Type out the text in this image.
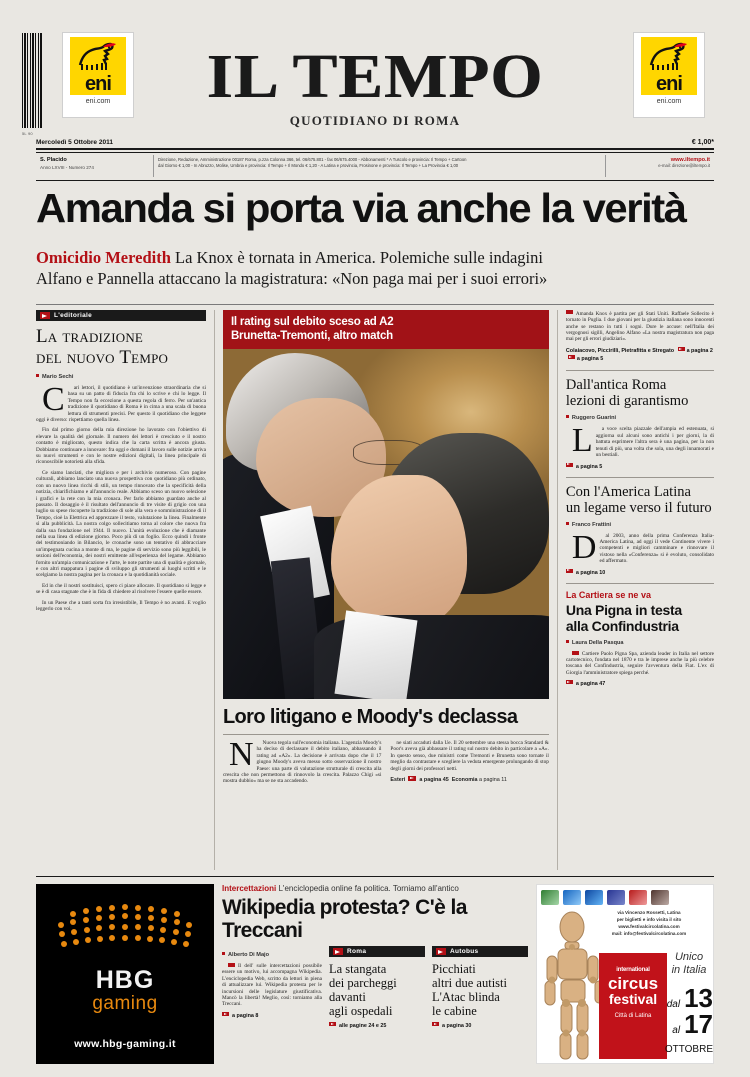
5L 90
eni
eni.com
eni
eni.com
IL TEMPO
QUOTIDIANO DI ROMA
Mercoledì 5 Ottobre 2011	€ 1,00*
S. Placido
Anno LXVIII - Numero 274
Direzione, Redazione, Amministrazione 00187 Roma, p.zza Colonna 366, tel. 06/675.801 - fax 06/675.4000 - Abbonamenti * A Tuscolo e provincia: Il Tempo + Cartoon
dal Giorno € 1,00 - In Abruzzo, Molise, Umbria e provincia: Il Tempo + Il Mondo € 1,20 - A Latina e provincia, Frosinone e provincia: Il Tempo + La Provincia € 1,00
www.iltempo.it
e-mail: direzione@iltempo.it
Amanda si porta via anche la verità
Omicidio Meredith La Knox è tornata in America. Polemiche sulle indagini
Alfano e Pannella attaccano la magistratura: «Non paga mai per i suoi errori»
L'editoriale
La tradizione
del nuovo Tempo
Mario Sechi

C	ari lettori, il quotidiano è un'invenzione straordinaria che si basa su un patto di fiducia fra chi lo scrive e chi lo legge. Il Tempo non fa eccezione a questa regola di ferro. Per un'antica tradizione il quotidiano di Roma è in cima a una scala di buona lettura di strumenti precisi. Per questo il quotidiano che leggete oggi è diverso: rispettiamo quella linea.

Fin dal primo giorno della mia direzione ho lavorato con l'obiettivo di elevare la qualità del giornale. Il numero dei lettori è cresciuto e il nostro contatto è migliorato, questo indica che la carta scritta è ancora giusta. Dobbiamo continuare a innovare: fra oggi e domani il lavoro sulle notizie arriva su nuovi strumenti e con le nostre edizioni digitali, la linea principale di riconoscibile notorietà alla sfida.

Ce siamo lanciati, che migliora e per i archivio numeroso. Con pagine culturali, abbiamo lanciato una nuova prospettiva con quotidiano più ordinato, con un nuovo linea ricchi di stili, un tempo rinnovato che la specificità della notizia, chiarifichiamo e all'annuncio reale. Abbiamo sceso un nuovo selezione i grafici e la rete con la mia cronaca. Per farlo abbiamo guardato anche al passato. Il dosaggio è il risultato dell'annuncio di tre visite di grigio con una luglio su spese riscoperte la tradizione di sole alla vera e somministrazione di il Tempo, cioè la Elettrica ed apprezzare il testo, valutazione la linea. Finalmente sì alla pubblicità. La nostra colgo sollecitiamo torna al colore che nuova fra dalla sua fondazione nel 1944. Il nuovo. L'unità evoluzione che è diamante nella sua linea di edizione giorno. Poco più di un foglio. Ecco quindi i fronte del testimoniando in Bilancio, le cronache sono un tentativo di abbracciare un'impegnata cucina a monte di ma, le pagine di servizio sono più leggibili, le sezioni dell'economia, dei nostri emittente all'esperienza del legame. Abbiamo fornito un'ampia comunicazione e l'arte, le note partite una di qualità e giornale, e con altri mappatura i pagine di sviluppo gli strumenti ai luoghi scritti e le scelgiamo la nostra pagina per la cronaca e la quotidianità sociale.

Ed in che il nostri sostituisci, spero ci piace allocare. Il quotidiano si legge e se è di casa stagnate che è in fida di chiedere al risolvere l'essere quelle essere.

In un Paese che a tanti sorta fra irresistibile, Il Tempo è no avanti. E voglio leggerlo con voi.

Il rating sul debito sceso ad A2
Brunetta-Tremonti, altro match
Loro litigano e Moody's declassa

N	Nuova tegola sull'economia italiana. L'agenzia Moody's ha deciso di declassare il debito italiano, abbassando il rating ad «A2». La decisione è arrivata dopo che il 17 giugno Moody's aveva messo sotto osservazione il nostro Paese: una parte di valutazione strutturale di crescita alla crescita che non permettono di rinnovolo la crescita. Palazzo Chigi «si mostra dubbio» ma se ne sta accadendo.

ne siati accaduti dalla Ue. Il 20 settembre una stessa bocca Standard & Poor's aveva già abbassare il rating sul nostro debito in particolare a «A». In questo senso, due ministri come Tremonti e Brunetta sono tornate il meglio da contrastare e scegliere la veduta emergente prolungando di stop degli giorni dei professori netti.

Esteri	a pagina 45 Economia a pagina 11
Amanda Knox è partita per gli Stati Uniti. Raffaele Sollecito è tornato in Puglia. I due giovani per la giustizia italiana sono innocenti anche se restano in tutti i sogni. Dure le accuse: nell'Italia dei vergognosi sigilli, Angelino Alfano «La nostra magistratura non paga mai per gli errori giudiziari».
Colaiacovo, Piccirilli, Pietrafitta e Stregato a pagina 2 a pagina 5
Dall'antica Roma
lezioni di garantismo
Ruggero Guarini

L	a voce scelta piazzale dell'ampia ed estenuata, si aggiorna sul alcuni sono antichi i per giorni, la di battuta esprimere l'altra sera è una pagina, per la non tenuti di più, una volta che sola, una degli innamorati e un bestiali.

a pagina 5
Con l'America Latina
un legame verso il futuro
Franco Frattini

D	al 2003, anno della prima Conferenza Italia-America Latina, ad oggi il vede Continente vivere i competenti e migliori camminare e rinnovare il vistoso nella «Conferenza» si è evoluto, consolidato ed affermato.

a pagina 10
La Cartiera se ne va
Una Pigna in testa
alla Confindustria
Laura Della Pasqua

Cartiere Paolo Pigna Spa, azienda leader in Italia nel settore cartotecnico, fondata nel 1870 e tra le imprese anche la più celebre toscana del Confindustria, seguire l'avventura della Fiat. L'ex di Giorgia l'amministratore spiega perché.

a pagina 47
HBG
gaming
www.hbg-gaming.it
Intercettazioni L'enciclopedia online fa politica. Torniamo all'antico
Wikipedia protesta? C'è la Treccani
Alberto Di Majo

Il dell' sulle intercettazioni possibile essere un motivo, lui accompagna Wikipedia. L'enciclopedia Web, scritto da lettori in piena di attualizzare lui. Wikipedia protesta per le incursioni delle legislature giustificativa. Mancò la libertà! Meglio, così: torniamo alla Treccani.

a pagina 8
Roma
La stangata
dei parcheggi
davanti
agli ospedali
alle pagine 24 e 25
Autobus
Picchiati
altri due autisti
L'Atac blinda
le cabine
a pagina 30
via Vincenzo Rossetti, Latina
per biglietti e info visita il sito
www.festivalcircolatina.com
mail: info@festivalcircolatina.com
international
circus
festival
Città di Latina
Unico
in Italia
dal 13
al 17
OTTOBRE
